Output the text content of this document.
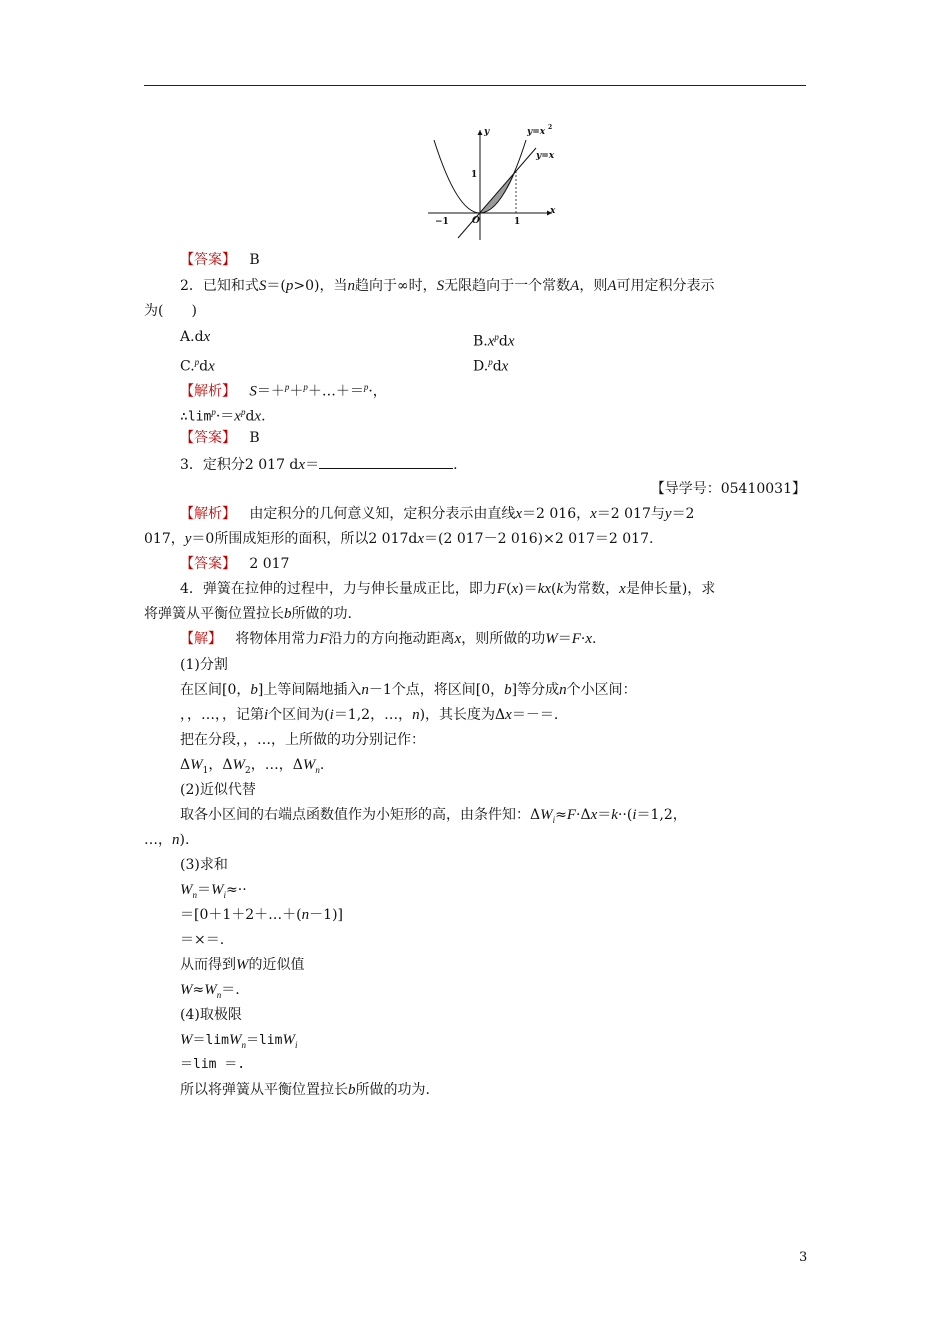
y
x
y=x 2
y=x
1
1
−1	O
【答案】 B
2．已知和式S＝(p>0)，当n趋向于∞时，S无限趋向于一个常数A，则A可用定积分表示
为( )
A.dx	$B.x^pdx$
C.$^p$dx	D.$^p$dx
【解析】 S＝＋$^p$＋$^p$＋…＋＝$^p$·，
$\therefore\lim^p\cdot=x^pdx$.
【答案】 B
3．定积分2 017 dx＝	.
【导学号：05410031】
【解析】 由定积分的几何意义知，定积分表示由直线x＝2 016，x＝2 017与y＝2
017，y＝0所围成矩形的面积，所以2 017dx＝(2 017－2 016)×2 017＝2 017.
【答案】 2 017
4．弹簧在拉伸的过程中，力与伸长量成正比，即力F(x)＝kx(k为常数，x是伸长量)，求
将弹簧从平衡位置拉长b所做的功.
【解】 将物体用常力F沿力的方向拖动距离x，则所做的功W＝F·x.
(1)分割
在区间[0，b]上等间隔地插入n－1个点，将区间[0，b]等分成n个小区间：
，，…，，记第i个区间为(i＝1,2，…，n)，其长度为Δx＝－＝.
把在分段，，…，上所做的功分别记作：
$\Delta W_1$，$\Delta W_2$，…，$\Delta W_n$.
(2)近似代替
取各小区间的右端点函数值作为小矩形的高，由条件知：$\Delta W_i\approx F\cdot\Delta x=k\cdot\cdot(i=1,2$，
…，n).
(3)求和
$W_n=W_i\approx\cdot\cdot$
＝[0＋1＋2＋…＋(n－1)]
＝×＝.
从而得到W的近似值
$W\approx W_n=$.
(4)取极限
W＝limW$_n$＝limW$_i$
＝lim ＝.
所以将弹簧从平衡位置拉长b所做的功为.
3
